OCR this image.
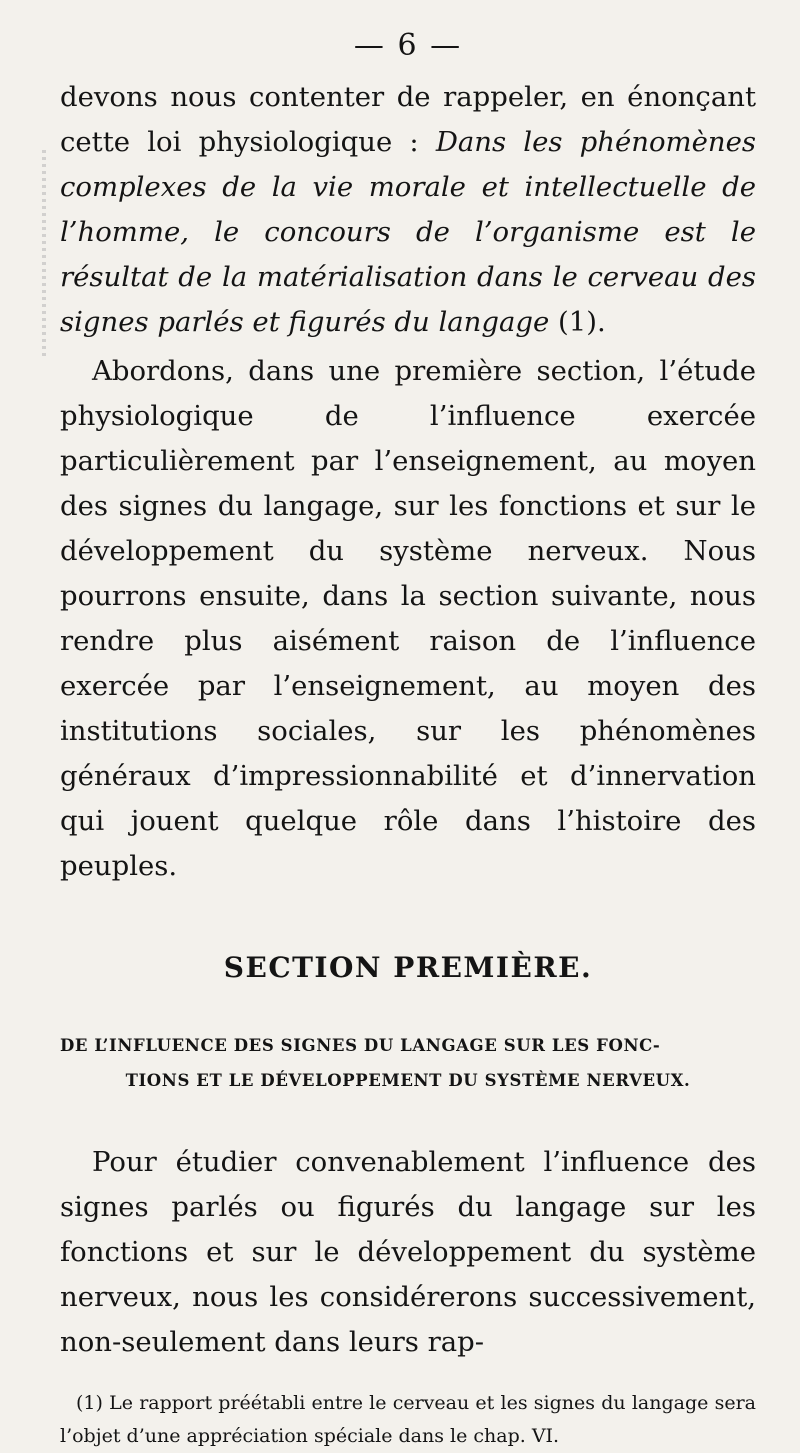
— 6 —

devons nous contenter de rappeler, en énonçant cette loi physiologique : Dans les phénomènes complexes de la vie morale et intellectuelle de l’homme, le concours de l’organisme est le résultat de la matérialisation dans le cerveau des signes parlés et figurés du langage (1).

Abordons, dans une première section, l’étude physiologique de l’influence exercée particulièrement par l’enseignement, au moyen des signes du langage, sur les fonctions et sur le développement du système nerveux. Nous pourrons ensuite, dans la section suivante, nous rendre plus aisément raison de l’influence exercée par l’enseignement, au moyen des institutions sociales, sur les phénomènes généraux d’impressionnabilité et d’innervation qui jouent quelque rôle dans l’histoire des peuples.

SECTION PREMIÈRE.
DE L’INFLUENCE DES SIGNES DU LANGAGE SUR LES FONC-
TIONS ET LE DÉVELOPPEMENT DU SYSTÈME NERVEUX.

Pour étudier convenablement l’influence des signes parlés ou figurés du langage sur les fonctions et sur le développement du système nerveux, nous les considérerons successivement, non-seulement dans leurs rap-

(1) Le rapport préétabli entre le cerveau et les signes du langage sera l’objet d’une appréciation spéciale dans le chap. VI.
